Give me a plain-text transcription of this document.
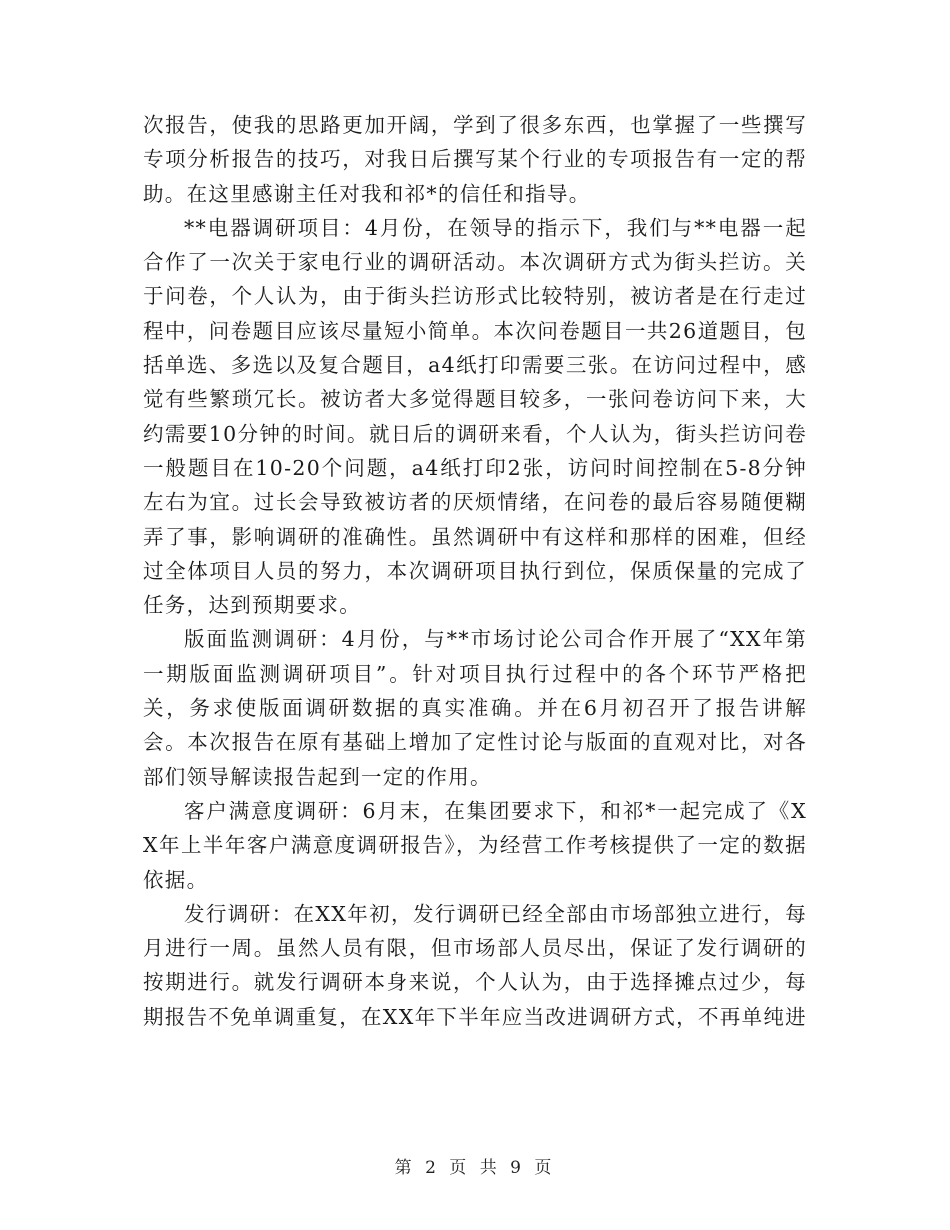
次报告，使我的思路更加开阔，学到了很多东西，也掌握了一些撰写专项分析报告的技巧，对我日后撰写某个行业的专项报告有一定的帮助。在这里感谢主任对我和祁*的信任和指导。

**电器调研项目：4月份，在领导的指示下，我们与**电器一起合作了一次关于家电行业的调研活动。本次调研方式为街头拦访。关于问卷，个人认为，由于街头拦访形式比较特别，被访者是在行走过程中，问卷题目应该尽量短小简单。本次问卷题目一共26道题目，包括单选、多选以及复合题目，a4纸打印需要三张。在访问过程中，感觉有些繁琐冗长。被访者大多觉得题目较多，一张问卷访问下来，大约需要10分钟的时间。就日后的调研来看，个人认为，街头拦访问卷一般题目在10-20个问题，a4纸打印2张，访问时间控制在5-8分钟左右为宜。过长会导致被访者的厌烦情绪，在问卷的最后容易随便糊弄了事，影响调研的准确性。虽然调研中有这样和那样的困难，但经过全体项目人员的努力，本次调研项目执行到位，保质保量的完成了任务，达到预期要求。

版面监测调研：4月份，与**市场讨论公司合作开展了“XX年第一期版面监测调研项目”。针对项目执行过程中的各个环节严格把关，务求使版面调研数据的真实准确。并在6月初召开了报告讲解会。本次报告在原有基础上增加了定性讨论与版面的直观对比，对各部们领导解读报告起到一定的作用。

客户满意度调研：6月末，在集团要求下，和祁*一起完成了《XX年上半年客户满意度调研报告》，为经营工作考核提供了一定的数据依据。

发行调研：在XX年初，发行调研已经全部由市场部独立进行，每月进行一周。虽然人员有限，但市场部人员尽出，保证了发行调研的按期进行。就发行调研本身来说，个人认为，由于选择摊点过少，每期报告不免单调重复，在XX年下半年应当改进调研方式，不再单纯进

第 2 页 共 9 页
